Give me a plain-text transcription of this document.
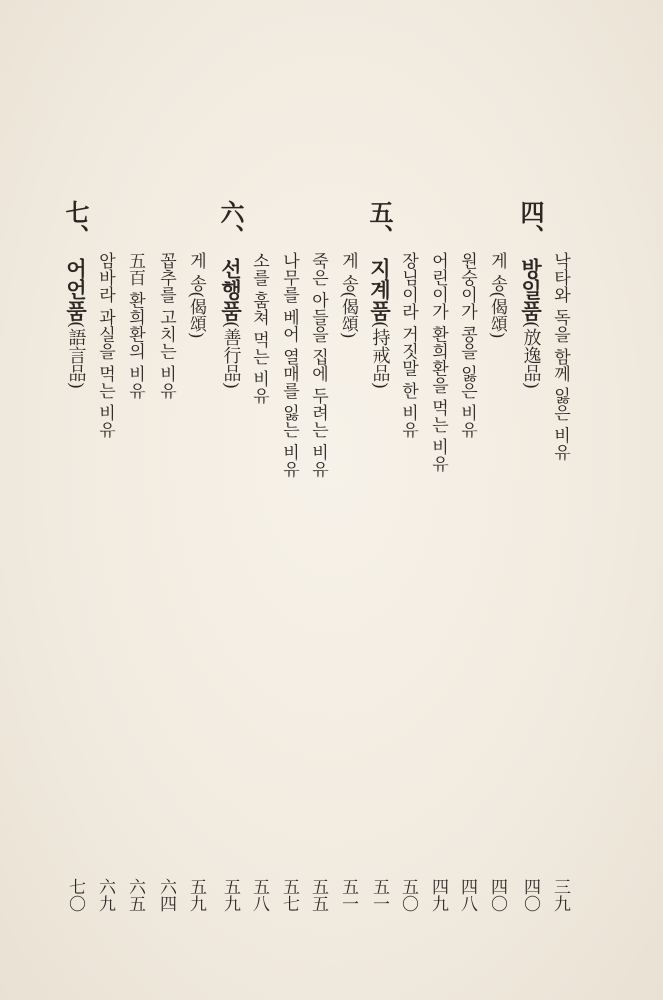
낙타와 독을 함께 잃은 비유
三九
四、
방일품
(放逸品)
四〇
게 송(偈頌)
四〇
원숭이가 콩을 잃은 비유
四八
어린이가 환희환을 먹는 비유
四九
장님이라 거짓말 한 비유
五〇
五、
지계품
(持戒品)
五一
게 송(偈頌)
五一
죽은 아들을 집에 두려는 비유
五五
나무를 베어 열매를 잃는 비유
五七
소를 훔쳐 먹는 비유
五八
六、
선행품
(善行品)
五九
게 송(偈頌)
五九
꼽추를 고치는 비유
六四
五百 환희환의 비유
六五
암바라 과실을 먹는 비유
六九
七、
어언품
(語言品)
七〇
